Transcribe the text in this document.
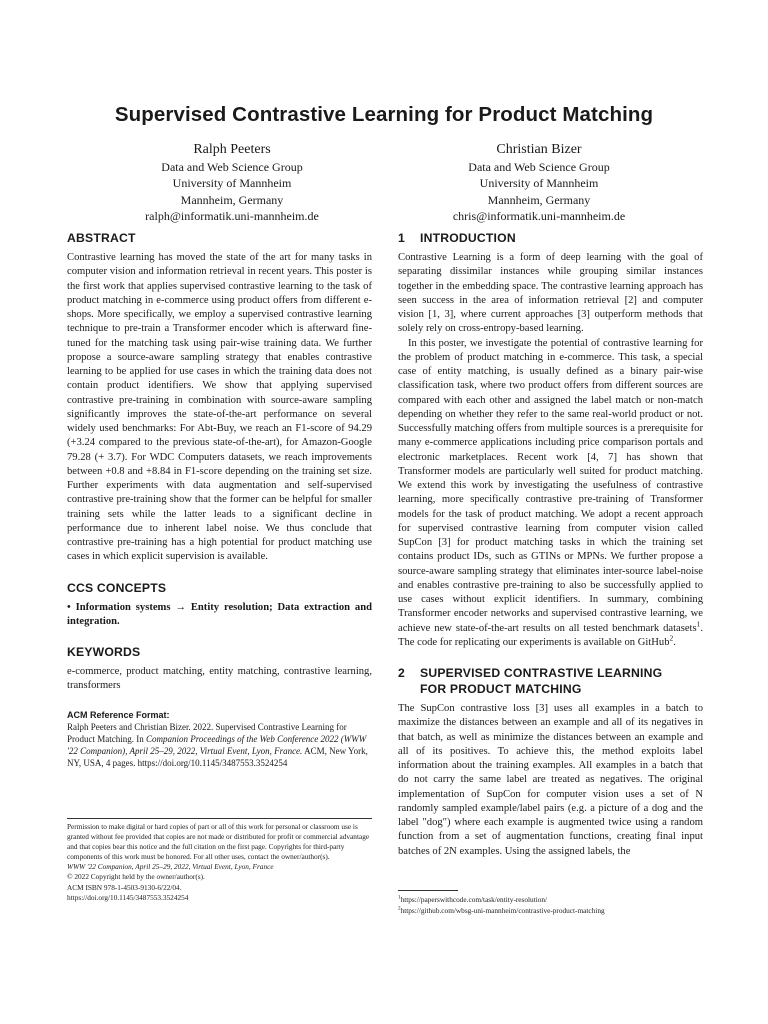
Supervised Contrastive Learning for Product Matching
Ralph Peeters
Data and Web Science Group
University of Mannheim
Mannheim, Germany
ralph@informatik.uni-mannheim.de
Christian Bizer
Data and Web Science Group
University of Mannheim
Mannheim, Germany
chris@informatik.uni-mannheim.de
ABSTRACT

Contrastive learning has moved the state of the art for many tasks in computer vision and information retrieval in recent years. This poster is the first work that applies supervised contrastive learning to the task of product matching in e-commerce using product offers from different e-shops. More specifically, we employ a supervised contrastive learning technique to pre-train a Transformer encoder which is afterward fine-tuned for the matching task using pair-wise training data. We further propose a source-aware sampling strategy that enables contrastive learning to be applied for use cases in which the training data does not contain product identifiers. We show that applying supervised contrastive pre-training in combination with source-aware sampling significantly improves the state-of-the-art performance on several widely used benchmarks: For Abt-Buy, we reach an F1-score of 94.29 (+3.24 compared to the previous state-of-the-art), for Amazon-Google 79.28 (+ 3.7). For WDC Computers datasets, we reach improvements between +0.8 and +8.84 in F1-score depending on the training set size. Further experiments with data augmentation and self-supervised contrastive pre-training show that the former can be helpful for smaller training sets while the latter leads to a significant decline in performance due to inherent label noise. We thus conclude that contrastive pre-training has a high potential for product matching use cases in which explicit supervision is available.

CCS CONCEPTS

• Information systems → Entity resolution; Data extraction and integration.

KEYWORDS

e-commerce, product matching, entity matching, contrastive learning, transformers

ACM Reference Format:
Ralph Peeters and Christian Bizer. 2022. Supervised Contrastive Learning for Product Matching. In Companion Proceedings of the Web Conference 2022 (WWW '22 Companion), April 25–29, 2022, Virtual Event, Lyon, France. ACM, New York, NY, USA, 4 pages. https://doi.org/10.1145/3487553.3524254
Permission to make digital or hard copies of part or all of this work for personal or classroom use is granted without fee provided that copies are not made or distributed for profit or commercial advantage and that copies bear this notice and the full citation on the first page. Copyrights for third-party components of this work must be honored. For all other uses, contact the owner/author(s).
WWW '22 Companion, April 25–29, 2022, Virtual Event, Lyon, France
© 2022 Copyright held by the owner/author(s).
ACM ISBN 978-1-4503-9130-6/22/04.
https://doi.org/10.1145/3487553.3524254
1	INTRODUCTION

Contrastive Learning is a form of deep learning with the goal of separating dissimilar instances while grouping similar instances together in the embedding space. The contrastive learning approach has seen success in the area of information retrieval [2] and computer vision [1, 3], where current approaches [3] outperform methods that solely rely on cross-entropy-based learning.

In this poster, we investigate the potential of contrastive learning for the problem of product matching in e-commerce. This task, a special case of entity matching, is usually defined as a binary pair-wise classification task, where two product offers from different sources are compared with each other and assigned the label match or non-match depending on whether they refer to the same real-world product or not. Successfully matching offers from multiple sources is a prerequisite for many e-commerce applications including price comparison portals and electronic marketplaces. Recent work [4, 7] has shown that Transformer models are particularly well suited for product matching. We extend this work by investigating the usefulness of contrastive learning, more specifically contrastive pre-training of Transformer models for the task of product matching. We adopt a recent approach for supervised contrastive learning from computer vision called SupCon [3] for product matching tasks in which the training set contains product IDs, such as GTINs or MPNs. We further propose a source-aware sampling strategy that eliminates inter-source label-noise and enables contrastive pre-training to also be successfully applied to use cases without explicit identifiers. In summary, combining Transformer encoder networks and supervised contrastive learning, we achieve new state-of-the-art results on all tested benchmark datasets$^1$. The code for replicating our experiments is available on GitHub$^2$.

2	SUPERVISED CONTRASTIVE LEARNING
FOR PRODUCT MATCHING

The SupCon contrastive loss [3] uses all examples in a batch to maximize the distances between an example and all of its negatives in that batch, as well as minimize the distances between an example and all of its positives. To achieve this, the method exploits label information about the training examples. All examples in a batch that do not carry the same label are treated as negatives. The original implementation of SupCon for computer vision uses a set of N randomly sampled example/label pairs (e.g. a picture of a dog and the label "dog") where each example is augmented twice using a random function from a set of augmentation functions, creating final input batches of 2N examples. Using the assigned labels, the

$^1$https://paperswithcode.com/task/entity-resolution/
$^2$https://github.com/wbsg-uni-mannheim/contrastive-product-matching
